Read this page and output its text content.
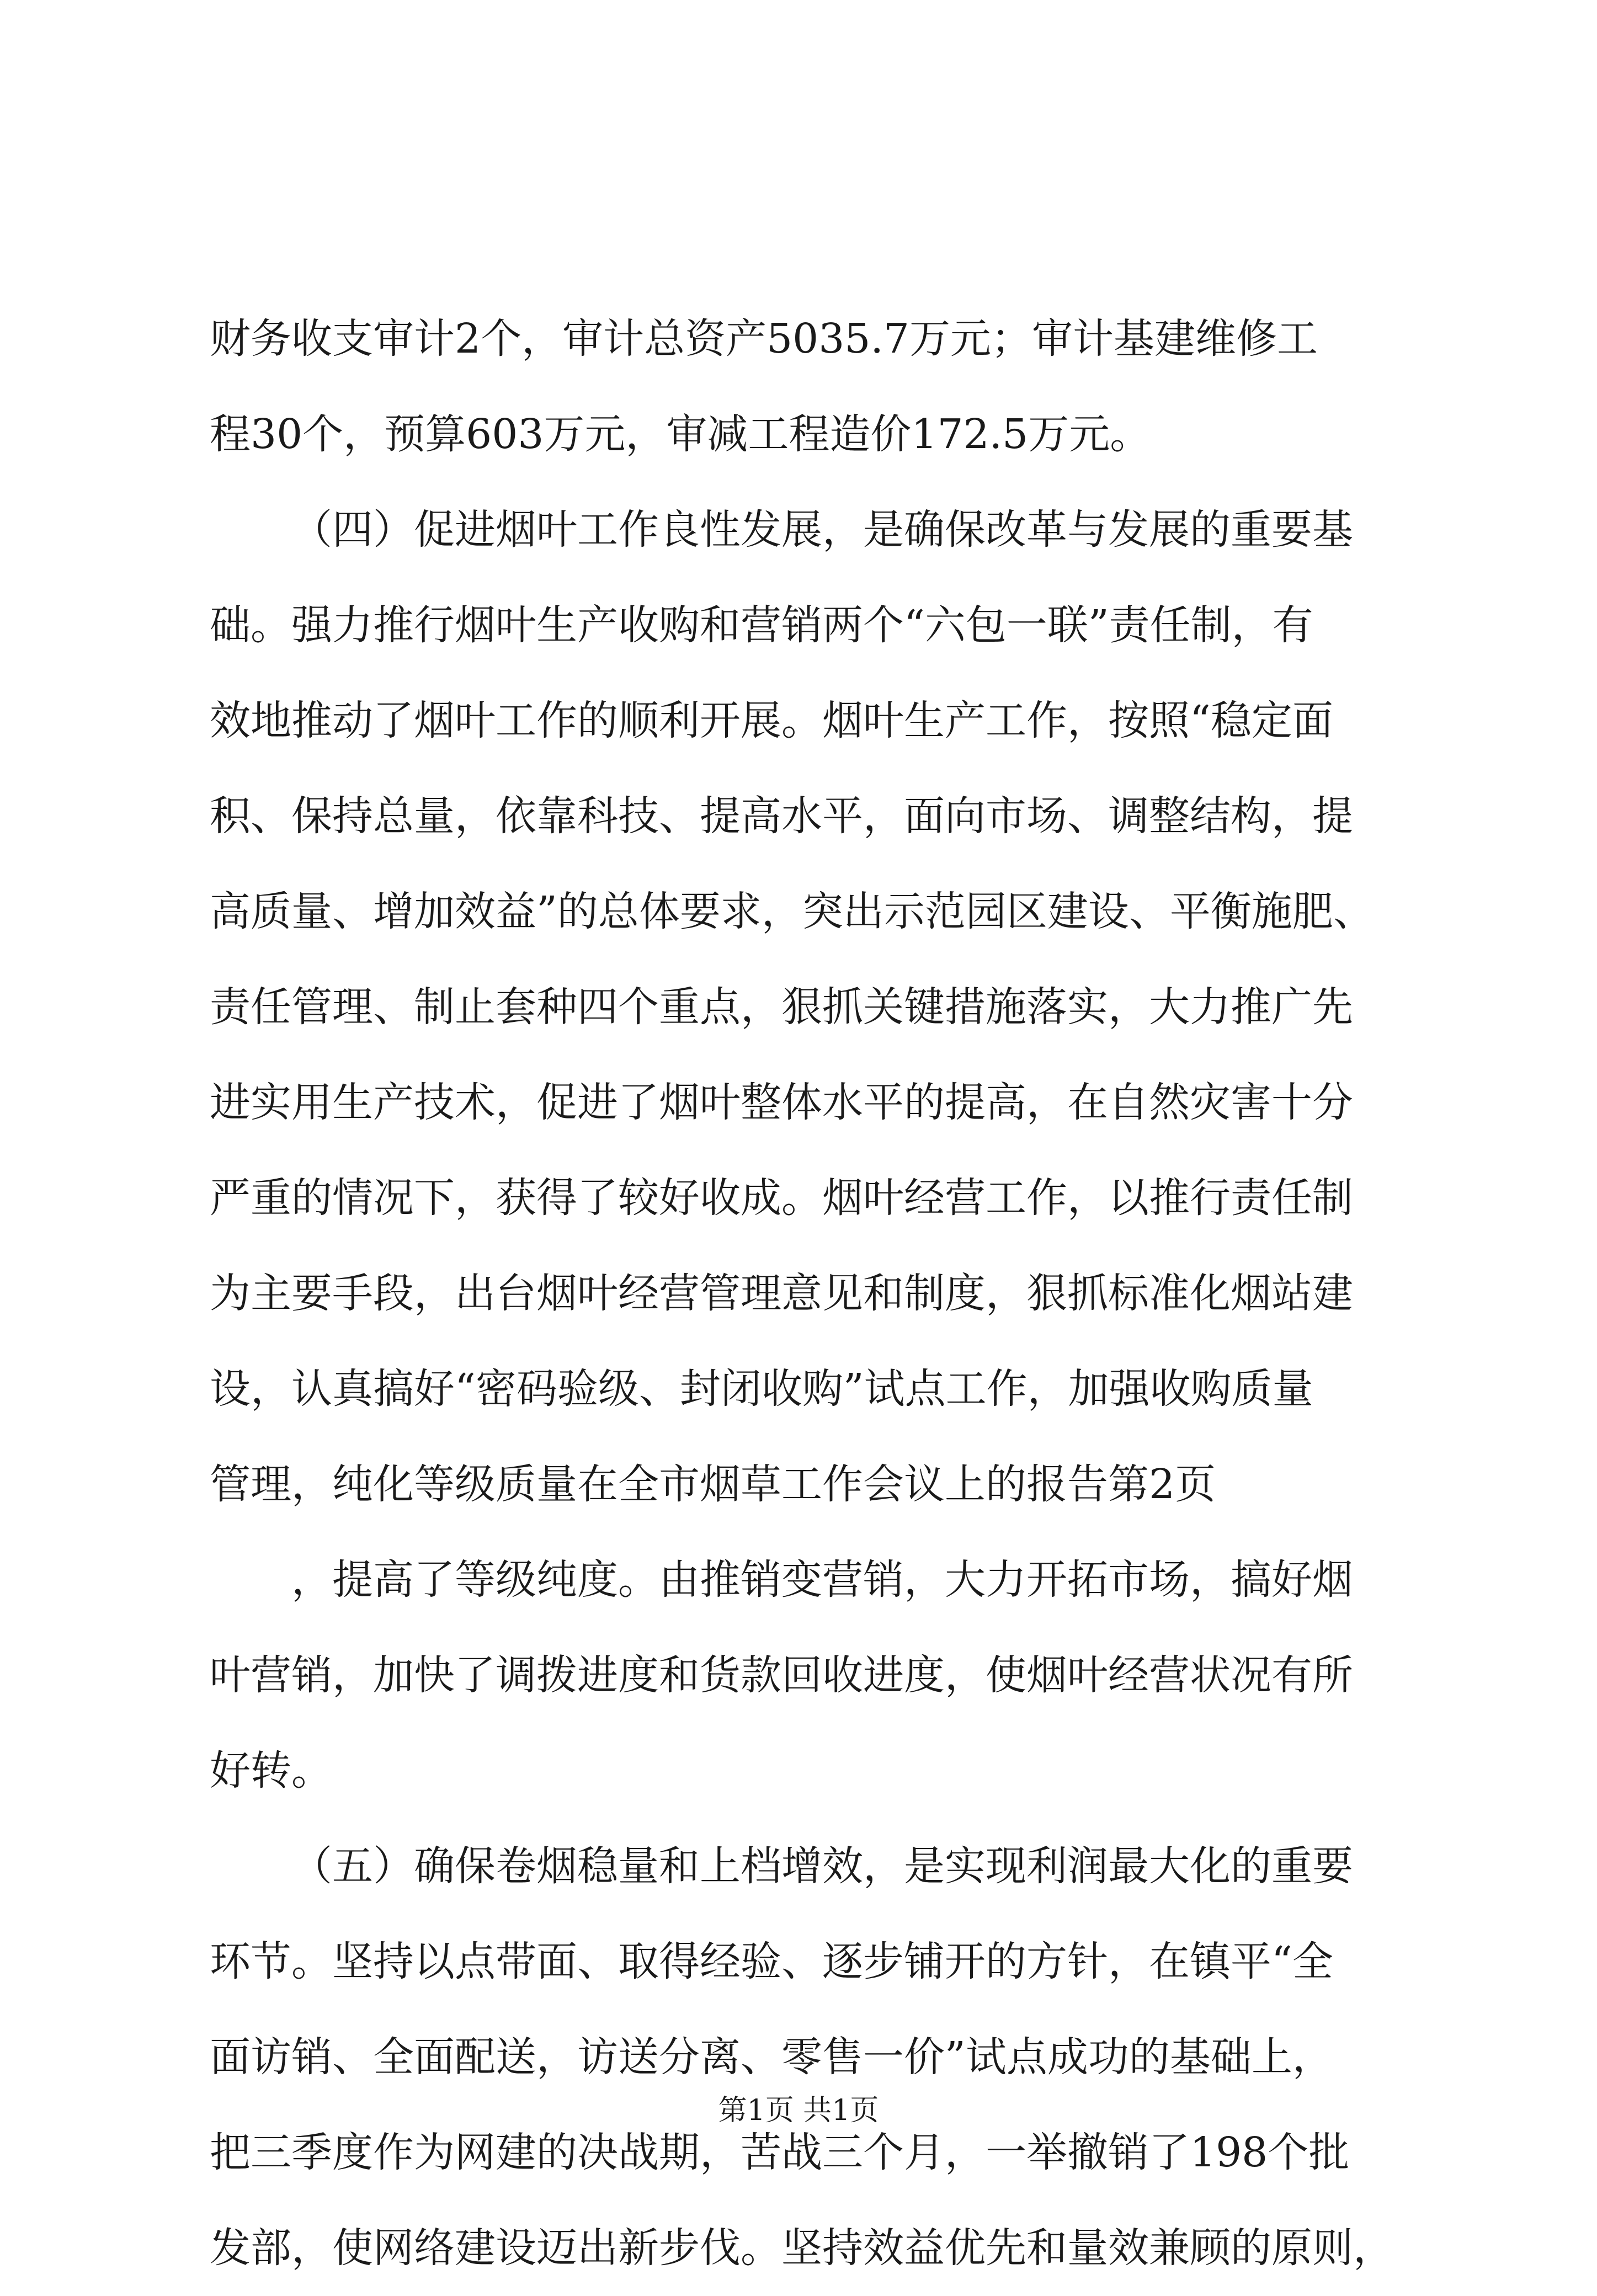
财务收支审计2个，审计总资产5035.7万元；审计基建维修工
程30个，预算603万元，审减工程造价172.5万元。
（四）促进烟叶工作良性发展，是确保改革与发展的重要基
础。强力推行烟叶生产收购和营销两个“六包一联”责任制，有
效地推动了烟叶工作的顺利开展。烟叶生产工作，按照“稳定面
积、保持总量，依靠科技、提高水平，面向市场、调整结构，提
高质量、增加效益”的总体要求，突出示范园区建设、平衡施肥、
责任管理、制止套种四个重点，狠抓关键措施落实，大力推广先
进实用生产技术，促进了烟叶整体水平的提高，在自然灾害十分
严重的情况下，获得了较好收成。烟叶经营工作，以推行责任制
为主要手段，出台烟叶经营管理意见和制度，狠抓标准化烟站建
设，认真搞好“密码验级、封闭收购”试点工作，加强收购质量
管理，纯化等级质量在全市烟草工作会议上的报告第2页
，提高了等级纯度。由推销变营销，大力开拓市场，搞好烟
叶营销，加快了调拨进度和货款回收进度，使烟叶经营状况有所
好转。
（五）确保卷烟稳量和上档增效，是实现利润最大化的重要
环节。坚持以点带面、取得经验、逐步铺开的方针，在镇平“全
面访销、全面配送，访送分离、零售一价”试点成功的基础上，
把三季度作为网建的决战期，苦战三个月，一举撤销了198个批
发部，使网络建设迈出新步伐。坚持效益优先和量效兼顾的原则，
第1页 共1页
